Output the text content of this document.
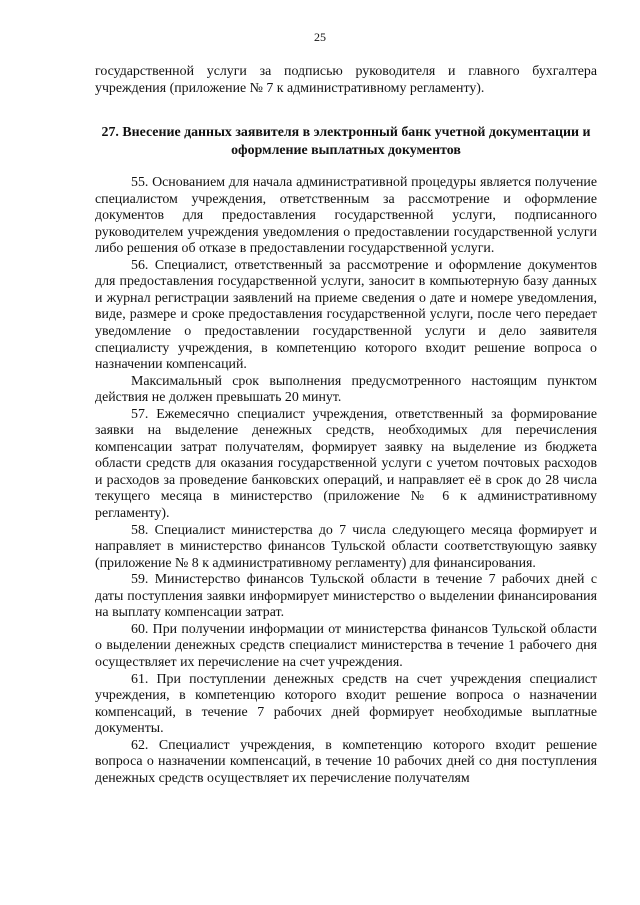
25
государственной услуги за подписью руководителя и главного бухгалтера учреждения (приложение № 7 к административному регламенту).
27. Внесение данных заявителя в электронный банк учетной документации и оформление выплатных документов
55. Основанием для начала административной процедуры является получение специалистом учреждения, ответственным за рассмотрение и оформление документов для предоставления государственной услуги, подписанного руководителем учреждения уведомления о предоставлении государственной услуги либо решения об отказе в предоставлении государственной услуги.
56. Специалист, ответственный за рассмотрение и оформление документов для предоставления государственной услуги, заносит в компьютерную базу данных и журнал регистрации заявлений на приеме сведения о дате и номере уведомления, виде, размере и сроке предоставления государственной услуги, после чего передает уведомление о предоставлении государственной услуги и дело заявителя специалисту учреждения, в компетенцию которого входит решение вопроса о назначении компенсаций.
Максимальный срок выполнения предусмотренного настоящим пунктом действия не должен превышать 20 минут.
57. Ежемесячно специалист учреждения, ответственный за формирование заявки на выделение денежных средств, необходимых для перечисления компенсации затрат получателям, формирует заявку на выделение из бюджета области средств для оказания государственной услуги с учетом почтовых расходов и расходов за проведение банковских операций, и направляет её в срок до 28 числа текущего месяца в министерство (приложение № 6 к административному регламенту).
58. Специалист министерства до 7 числа следующего месяца формирует и направляет в министерство финансов Тульской области соответствующую заявку (приложение № 8 к административному регламенту) для финансирования.
59. Министерство финансов Тульской области в течение 7 рабочих дней с даты поступления заявки информирует министерство о выделении финансирования на выплату компенсации затрат.
60. При получении информации от министерства финансов Тульской области о выделении денежных средств специалист министерства в течение 1 рабочего дня осуществляет их перечисление на счет учреждения.
61. При поступлении денежных средств на счет учреждения специалист учреждения, в компетенцию которого входит решение вопроса о назначении компенсаций, в течение 7 рабочих дней формирует необходимые выплатные документы.
62. Специалист учреждения, в компетенцию которого входит решение вопроса о назначении компенсаций, в течение 10 рабочих дней со дня поступления денежных средств осуществляет их перечисление получателям
